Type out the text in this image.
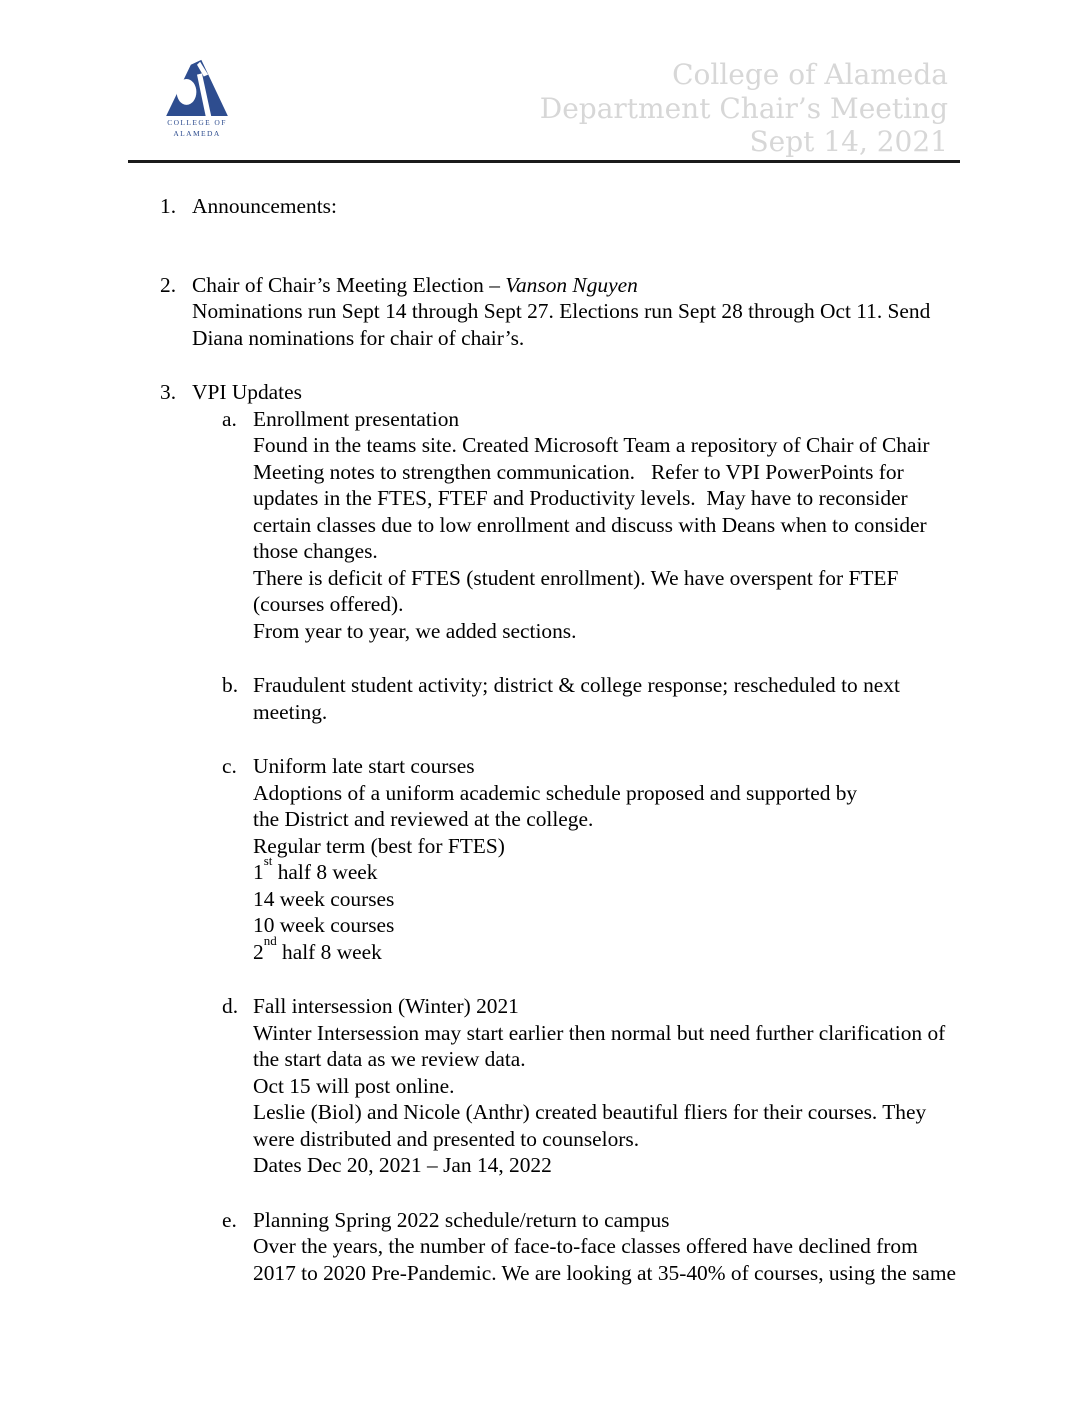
COLLEGE OF
ALAMEDA
College of Alameda
Department Chair’s Meeting
Sept 14, 2021
1. Announcements:
2. Chair of Chair’s Meeting Election – Vanson Nguyen
Nominations run Sept 14 through Sept 27. Elections run Sept 28 through Oct 11. Send
Diana nominations for chair of chair’s.
3. VPI Updates
a. Enrollment presentation
Found in the teams site. Created Microsoft Team a repository of Chair of Chair
Meeting notes to strengthen communication.   Refer to VPI PowerPoints for
updates in the FTES, FTEF and Productivity levels.  May have to reconsider
certain classes due to low enrollment and discuss with Deans when to consider
those changes.
There is deficit of FTES (student enrollment). We have overspent for FTEF
(courses offered).
From year to year, we added sections.
b. Fraudulent student activity; district & college response; rescheduled to next
meeting.
c. Uniform late start courses
Adoptions of a uniform academic schedule proposed and supported by
the District and reviewed at the college.
Regular term (best for FTES)
1st half 8 week
14 week courses
10 week courses
2nd half 8 week
d. Fall intersession (Winter) 2021
Winter Intersession may start earlier then normal but need further clarification of
the start data as we review data.
Oct 15 will post online.
Leslie (Biol) and Nicole (Anthr) created beautiful fliers for their courses. They
were distributed and presented to counselors.
Dates Dec 20, 2021 – Jan 14, 2022
e. Planning Spring 2022 schedule/return to campus
Over the years, the number of face-to-face classes offered have declined from
2017 to 2020 Pre-Pandemic. We are looking at 35-40% of courses, using the same
